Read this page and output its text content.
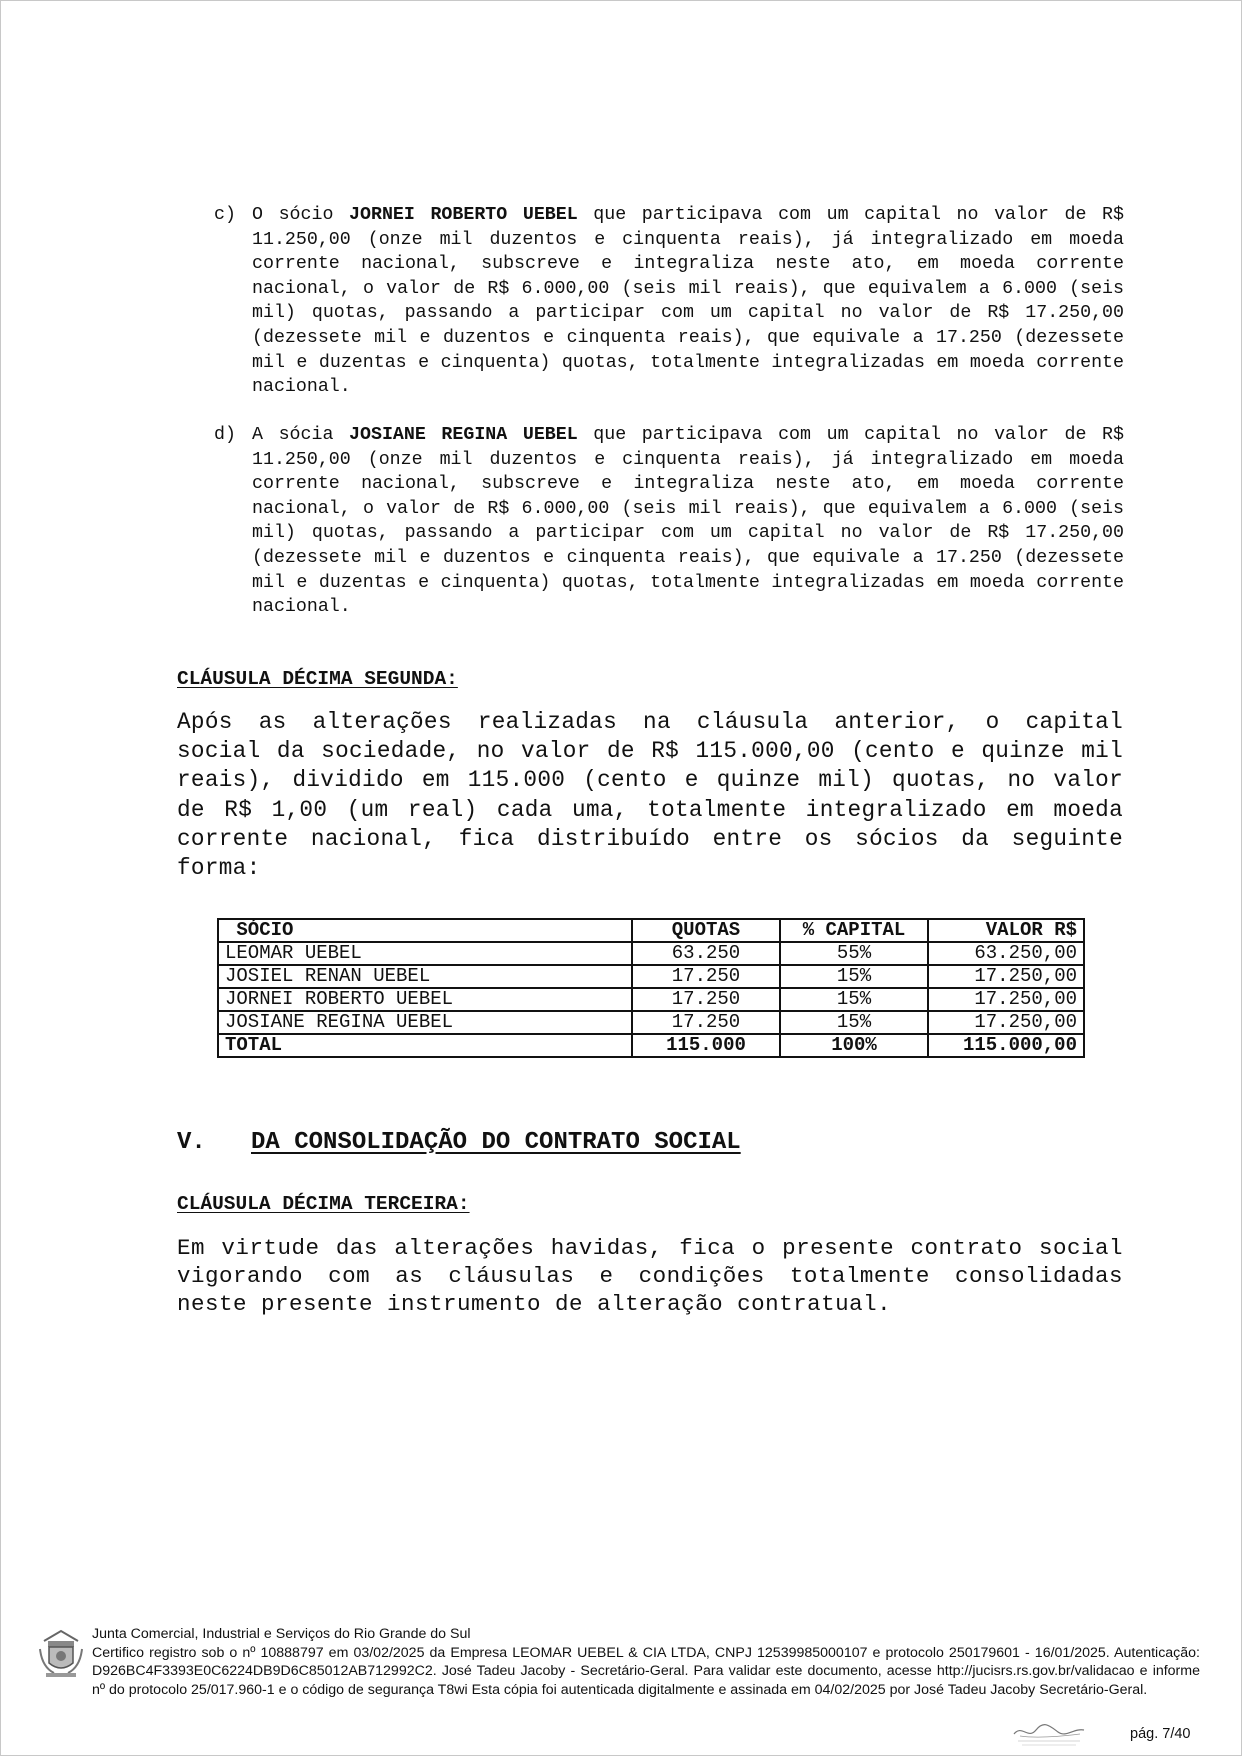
c) O sócio JORNEI ROBERTO UEBEL que participava com um capital no valor de R$ 11.250,00 (onze mil duzentos e cinquenta reais), já integralizado em moeda corrente nacional, subscreve e integraliza neste ato, em moeda corrente nacional, o valor de R$ 6.000,00 (seis mil reais), que equivalem a 6.000 (seis mil) quotas, passando a participar com um capital no valor de R$ 17.250,00 (dezessete mil e duzentos e cinquenta reais), que equivale a 17.250 (dezessete mil e duzentas e cinquenta) quotas, totalmente integralizadas em moeda corrente nacional.
d) A sócia JOSIANE REGINA UEBEL que participava com um capital no valor de R$ 11.250,00 (onze mil duzentos e cinquenta reais), já integralizado em moeda corrente nacional, subscreve e integraliza neste ato, em moeda corrente nacional, o valor de R$ 6.000,00 (seis mil reais), que equivalem a 6.000 (seis mil) quotas, passando a participar com um capital no valor de R$ 17.250,00 (dezessete mil e duzentos e cinquenta reais), que equivale a 17.250 (dezessete mil e duzentas e cinquenta) quotas, totalmente integralizadas em moeda corrente nacional.
CLÁUSULA DÉCIMA SEGUNDA:
Após as alterações realizadas na cláusula anterior, o capital social da sociedade, no valor de R$ 115.000,00 (cento e quinze mil reais), dividido em 115.000 (cento e quinze mil) quotas, no valor de R$ 1,00 (um real) cada uma, totalmente integralizado em moeda corrente nacional, fica distribuído entre os sócios da seguinte forma:
SÓCIO	QUOTAS	% CAPITAL	VALOR R$
LEOMAR UEBEL	63.250	55%	63.250,00
JOSIEL RENAN UEBEL	17.250	15%	17.250,00
JORNEI ROBERTO UEBEL	17.250	15%	17.250,00
JOSIANE REGINA UEBEL	17.250	15%	17.250,00
TOTAL	115.000	100%	115.000,00
V. DA CONSOLIDAÇÃO DO CONTRATO SOCIAL
CLÁUSULA DÉCIMA TERCEIRA:
Em virtude das alterações havidas, fica o presente contrato social vigorando com as cláusulas e condições totalmente consolidadas neste presente instrumento de alteração contratual.
Junta Comercial, Industrial e Serviços do Rio Grande do Sul
Certifico registro sob o nº 10888797 em 03/02/2025 da Empresa LEOMAR UEBEL & CIA LTDA, CNPJ 12539985000107 e protocolo 250179601 - 16/01/2025. Autenticação: D926BC4F3393E0C6224DB9D6C85012AB712992C2. José Tadeu Jacoby - Secretário-Geral. Para validar este documento, acesse http://jucisrs.rs.gov.br/validacao e informe nº do protocolo 25/017.960-1 e o código de segurança T8wi Esta cópia foi autenticada digitalmente e assinada em 04/02/2025 por José Tadeu Jacoby Secretário-Geral.
pág. 7/40
